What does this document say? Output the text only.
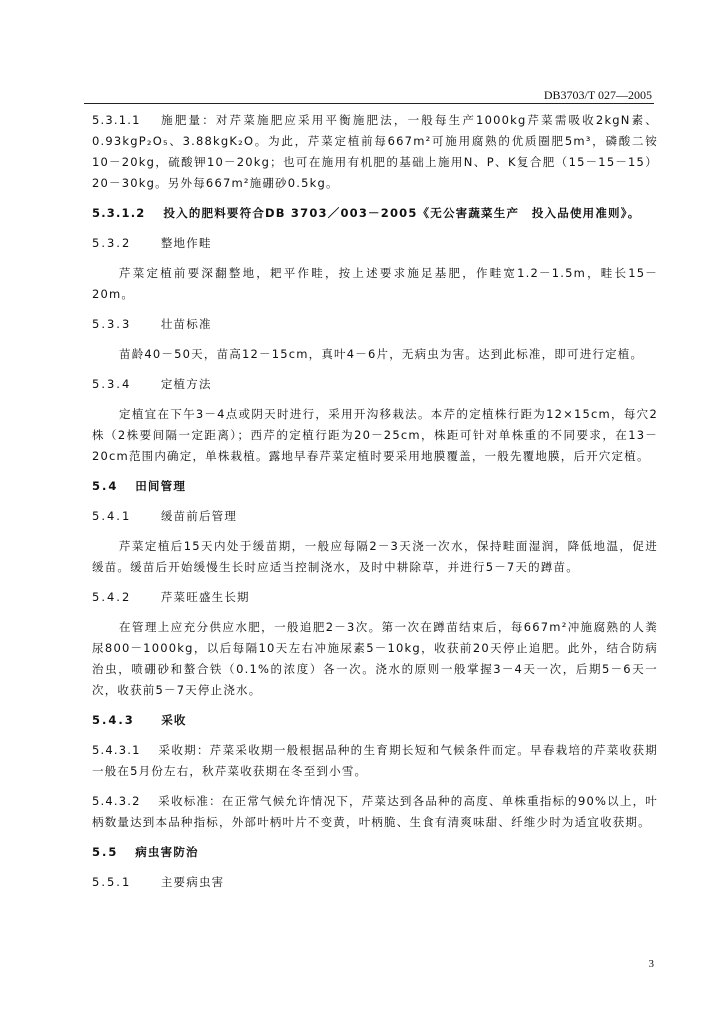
DB3703/T 027—2005
5.3.1.1　 施肥量：对芹菜施肥应采用平衡施肥法，一般每生产1000kg芹菜需吸收2kgN素、0.93kgP₂O₅、3.88kgK₂O。为此，芹菜定植前每667m²可施用腐熟的优质圈肥5m³，磷酸二铵10－20kg，硫酸钾10－20kg；也可在施用有机肥的基础上施用N、P、K复合肥（15－15－15）20－30kg。另外每667m²施硼砂0.5kg。
5.3.1.2　 投入的肥料要符合DB 3703／003－2005《无公害蔬菜生产　投入品使用准则》。
5.3.2	整地作畦
芹菜定植前要深翻整地，耙平作畦，按上述要求施足基肥，作畦宽1.2－1.5m，畦长15－20m。
5.3.3	壮苗标准
苗龄40－50天，苗高12－15cm，真叶4－6片，无病虫为害。达到此标准，即可进行定植。
5.3.4	定植方法
定植宜在下午3－4点或阴天时进行，采用开沟移栽法。本芹的定植株行距为12×15cm，每穴2株（2株要间隔一定距离）；西芹的定植行距为20－25cm，株距可针对单株重的不同要求，在13－20cm范围内确定，单株栽植。露地早春芹菜定植时要采用地膜覆盖，一般先覆地膜，后开穴定植。
5.4 田间管理
5.4.1	缓苗前后管理
芹菜定植后15天内处于缓苗期，一般应每隔2－3天浇一次水，保持畦面湿润，降低地温，促进缓苗。缓苗后开始缓慢生长时应适当控制浇水，及时中耕除草，并进行5－7天的蹲苗。
5.4.2	芹菜旺盛生长期
在管理上应充分供应水肥，一般追肥2－3次。第一次在蹲苗结束后，每667m²冲施腐熟的人粪尿800－1000kg，以后每隔10天左右冲施尿素5－10kg，收获前20天停止追肥。此外，结合防病治虫，喷硼砂和螯合铁（0.1%的浓度）各一次。浇水的原则一般掌握3－4天一次，后期5－6天一次，收获前5－7天停止浇水。
5.4.3 采收
5.4.3.1　 采收期：芹菜采收期一般根据品种的生育期长短和气候条件而定。早春栽培的芹菜收获期一般在5月份左右，秋芹菜收获期在冬至到小雪。
5.4.3.2　 采收标准：在正常气候允许情况下，芹菜达到各品种的高度、单株重指标的90%以上，叶柄数量达到本品种指标，外部叶柄叶片不变黄，叶柄脆、生食有清爽味甜、纤维少时为适宜收获期。
5.5 病虫害防治
5.5.1	主要病虫害
3
